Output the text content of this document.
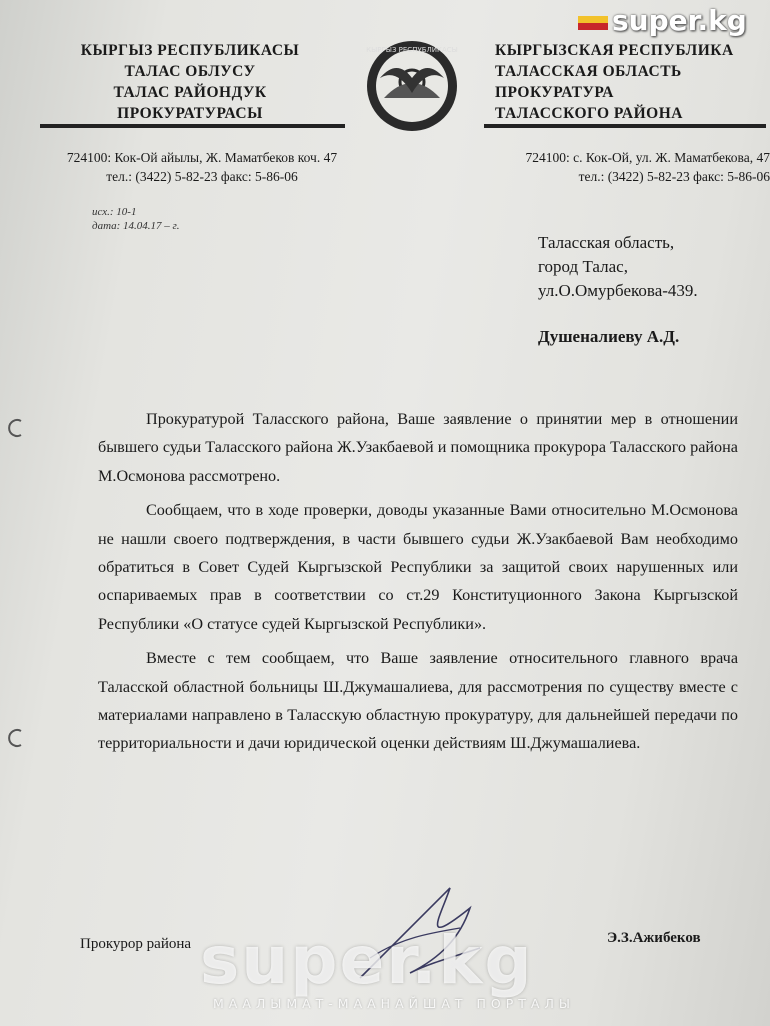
КЫРГЫЗ РЕСПУБЛИКАСЫ
ТАЛАС ОБЛУСУ
ТАЛАС РАЙОНДУК
ПРОКУРАТУРАСЫ
КЫРГЫЗ РЕСПУБЛИКАСЫ КЫРГЫЗСКАЯ РЕСПУБЛИКА
ТАЛАССКАЯ ОБЛАСТЬ
ПРОКУРАТУРА
ТАЛАССКОГО РАЙОНА
724100: Кок-Ой айылы, Ж. Маматбеков коч. 47
тел.: (3422) 5-82-23 факс: 5-86-06
724100: с. Кок-Ой, ул. Ж. Маматбекова, 47
тел.: (3422) 5-82-23 факс: 5-86-06
исх.: 10-1
дата: 14.04.17 – г.
Таласская область,
город Талас,
ул.О.Омурбекова-439.
Душеналиеву А.Д.

Прокуратурой Таласского района, Ваше заявление о принятии мер в отношении бывшего судьи Таласского района Ж.Узакбаевой и помощника прокурора Таласского района М.Осмонова рассмотрено.

Сообщаем, что в ходе проверки, доводы указанные Вами относительно М.Осмонова не нашли своего подтверждения, в части бывшего судьи Ж.Узакбаевой Вам необходимо обратиться в Совет Судей Кыргызской Республики за защитой своих нарушенных или оспариваемых прав в соответствии со ст.29 Конституционного Закона Кыргызской Республики «О статусе судей Кыргызской Республики».

Вместе с тем сообщаем, что Ваше заявление относительного главного врача Таласской областной больницы Ш.Джумашалиева, для рассмотрения по существу вместе с материалами направлено в Таласскую областную прокуратуру, для дальнейшей передачи по территориальности и дачи юридической оценки действиям Ш.Джумашалиева.

Прокурор района	Э.З.Ажибеков
super.kg
super.kg
МААЛЫМАТ-МААНАЙШАТ ПОРТАЛЫ
